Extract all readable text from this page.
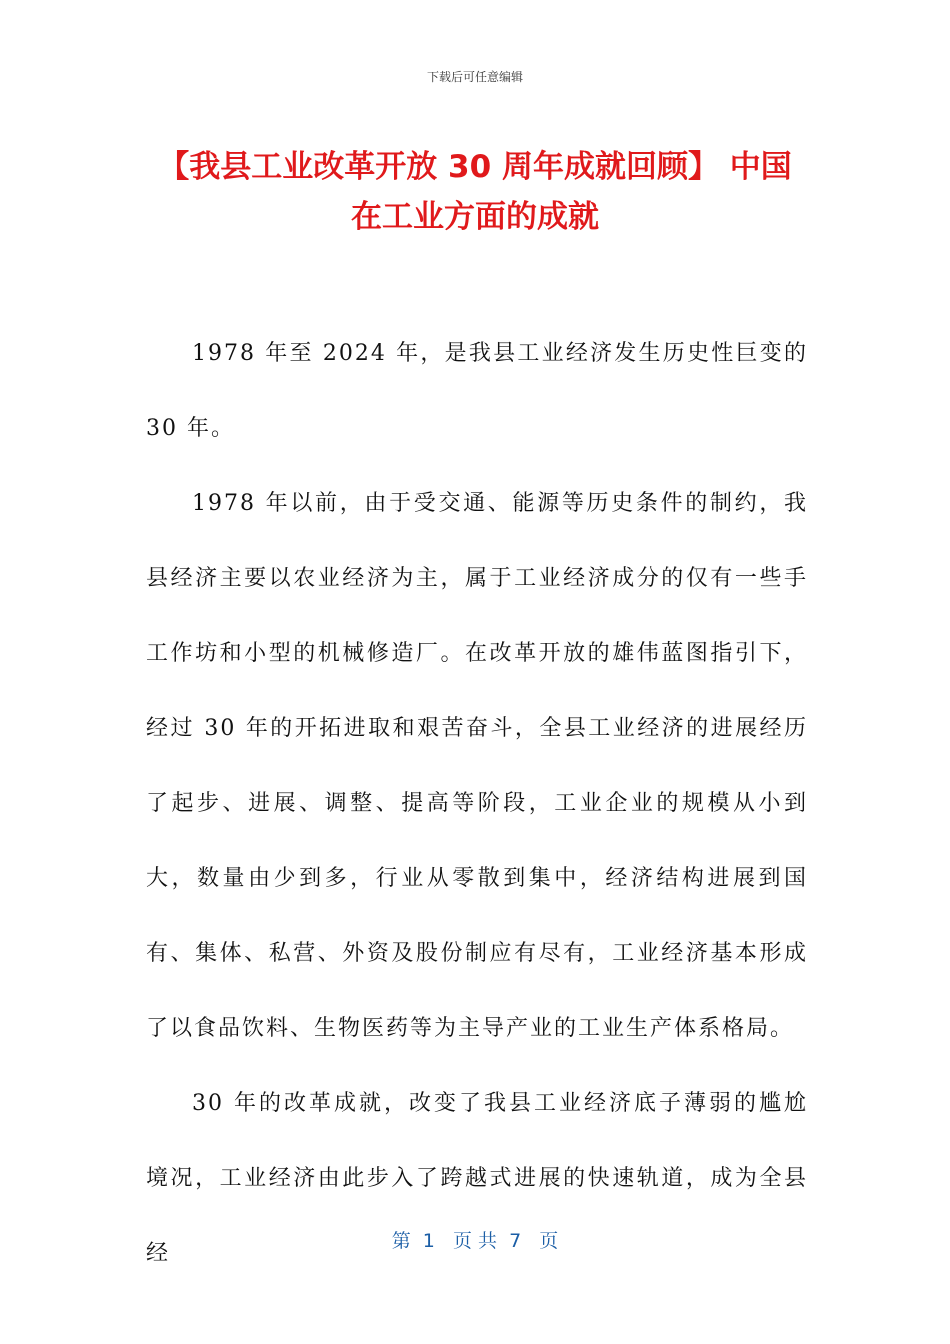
下载后可任意编辑
【我县工业改革开放 30 周年成就回顾】 中国在工业方面的成就

1978 年至 2024 年，是我县工业经济发生历史性巨变的 30 年。

1978 年以前，由于受交通、能源等历史条件的制约，我县经济主要以农业经济为主，属于工业经济成分的仅有一些手工作坊和小型的机械修造厂。在改革开放的雄伟蓝图指引下，经过 30 年的开拓进取和艰苦奋斗，全县工业经济的进展经历了起步、进展、调整、提高等阶段，工业企业的规模从小到大，数量由少到多，行业从零散到集中，经济结构进展到国有、集体、私营、外资及股份制应有尽有，工业经济基本形成了以食品饮料、生物医药等为主导产业的工业生产体系格局。

30 年的改革成就，改变了我县工业经济底子薄弱的尴尬境况，工业经济由此步入了跨越式进展的快速轨道，成为全县经	第  1   页 共  7   页
